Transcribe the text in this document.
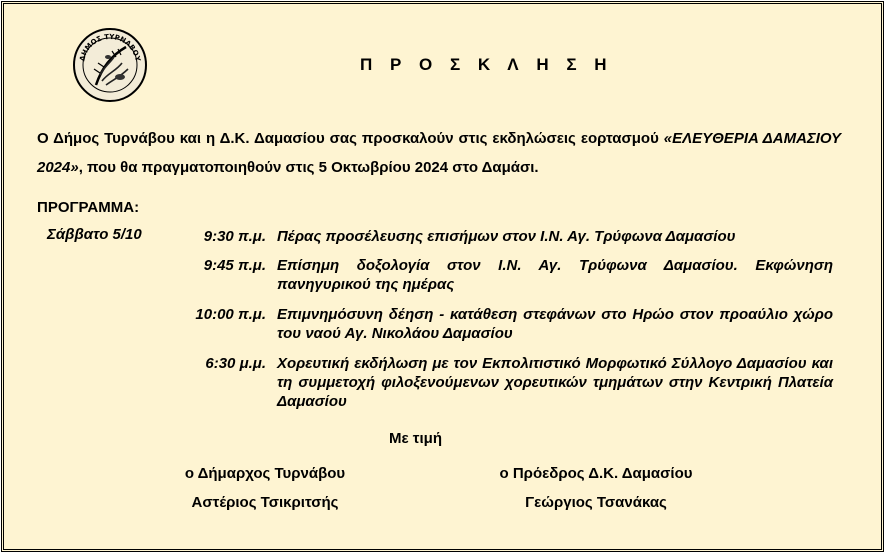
ΔΗΜΟΣ ΤΥΡΝΑΒΟΥ	Π Ρ Ο Σ Κ Λ Η Σ Η
Ο Δήμος Τυρνάβου και η Δ.Κ. Δαμασίου σας προσκαλούν στις εκδηλώσεις εορτασμού «ΕΛΕΥΘΕΡΙΑ ΔΑΜΑΣΙΟΥ 2024», που θα πραγματοποιηθούν στις 5 Οκτωβρίου 2024 στο Δαμάσι.
ΠΡΟΓΡΑΜΜΑ:
Σάββατο 5/10	9:30 π.μ. Πέρας προσέλευσης επισήμων στον Ι.Ν. Αγ. Τρύφωνα Δαμασίου
9:45 π.μ. Επίσημη δοξολογία στον Ι.Ν. Αγ. Τρύφωνα Δαμασίου. Εκφώνηση πανηγυρικού της ημέρας
10:00 π.μ. Επιμνημόσυνη δέηση - κατάθεση στεφάνων στο Ηρώο στον προαύλιο χώρο του ναού Αγ. Νικολάου Δαμασίου
6:30 μ.μ. Χορευτική εκδήλωση με τον Εκπολιτιστικό Μορφωτικό Σύλλογο Δαμασίου και τη συμμετοχή φιλοξενούμενων χορευτικών τμημάτων στην Κεντρική Πλατεία Δαμασίου
Με τιμή
ο Δήμαρχος Τυρνάβου
Αστέριος Τσικριτσής
ο Πρόεδρος Δ.Κ. Δαμασίου
Γεώργιος Τσανάκας
